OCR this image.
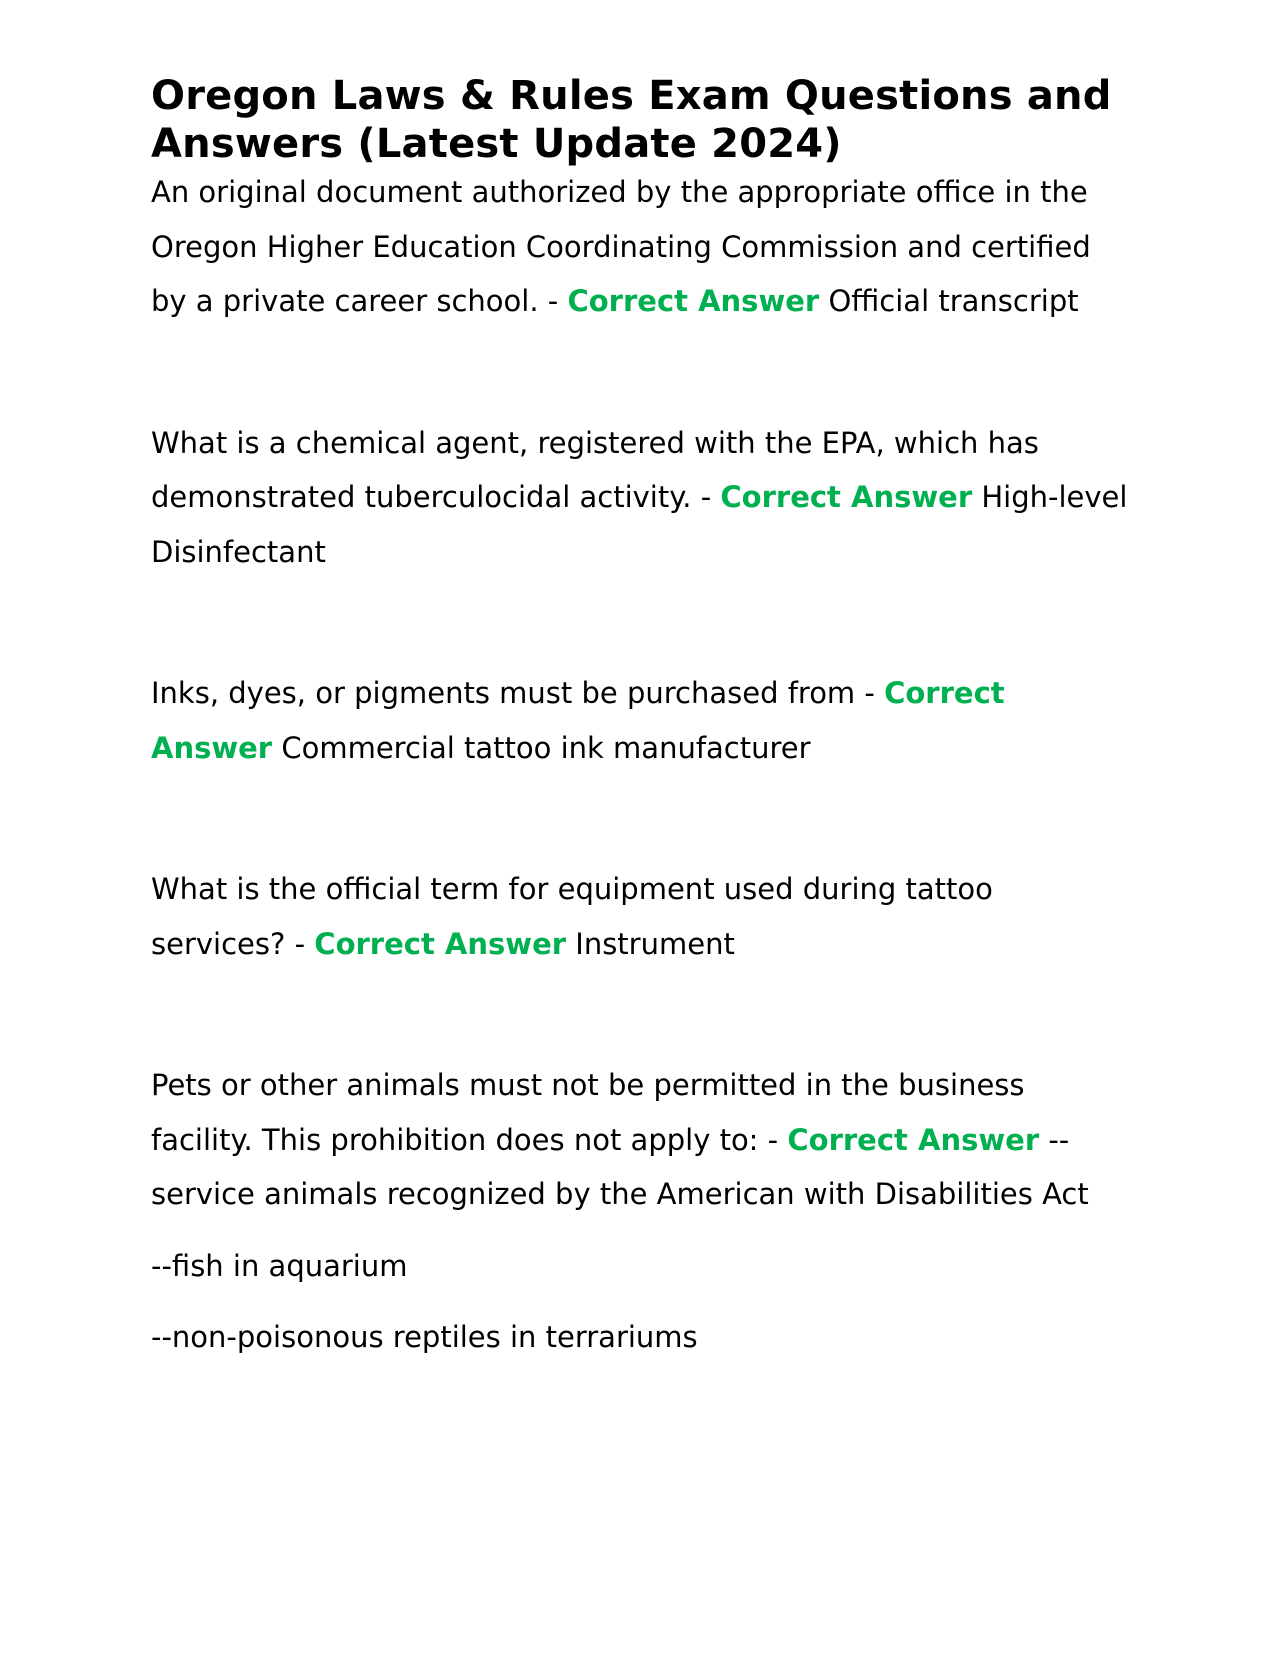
Oregon Laws & Rules Exam Questions and Answers (Latest Update 2024)

An original document authorized by the appropriate office in the Oregon Higher Education Coordinating Commission and certified by a private career school. - Correct Answer Official transcript

What is a chemical agent, registered with the EPA, which has demonstrated tuberculocidal activity. - Correct Answer High-level Disinfectant

Inks, dyes, or pigments must be purchased from - Correct Answer Commercial tattoo ink manufacturer

What is the official term for equipment used during tattoo services? - Correct Answer Instrument

Pets or other animals must not be permitted in the business facility. This prohibition does not apply to: - Correct Answer --service animals recognized by the American with Disabilities Act

--fish in aquarium

--non-poisonous reptiles in terrariums
